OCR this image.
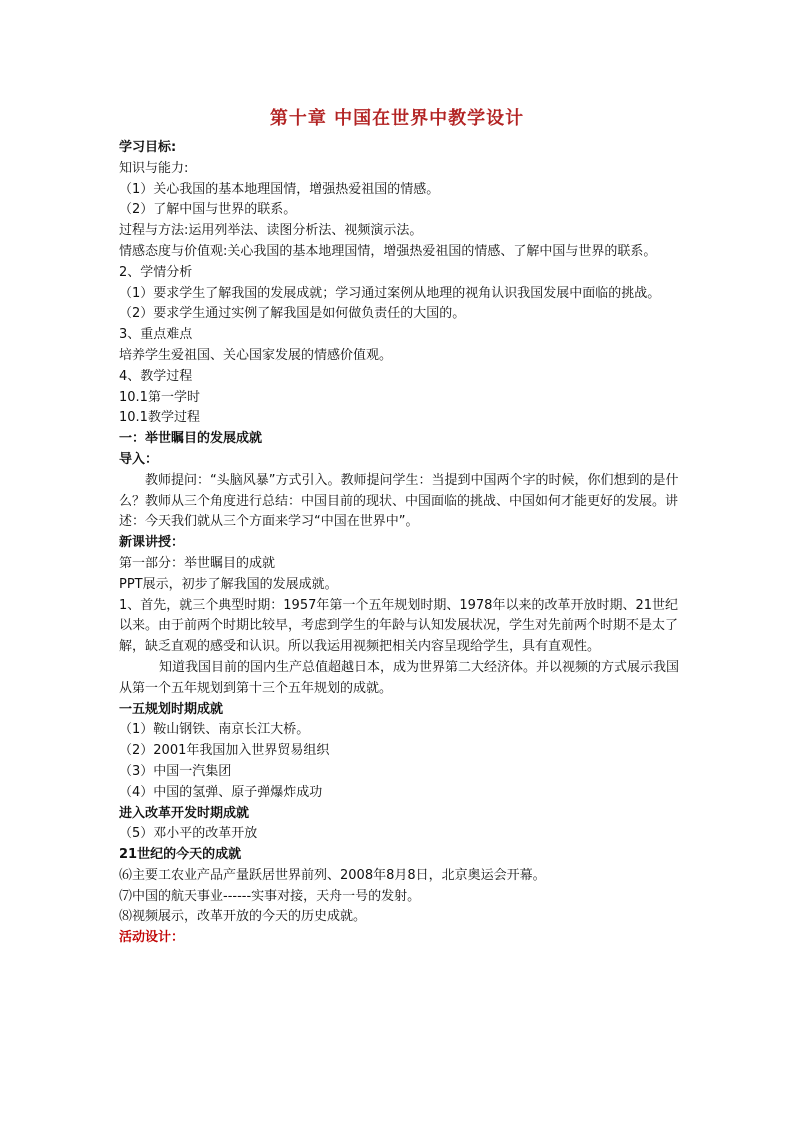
第十章 中国在世界中教学设计

学习目标:

知识与能力:

（1）关心我国的基本地理国情，增强热爱祖国的情感。

（2）了解中国与世界的联系。

过程与方法:运用列举法、读图分析法、视频演示法。

情感态度与价值观:关心我国的基本地理国情，增强热爱祖国的情感、了解中国与世界的联系。

2、学情分析

（1）要求学生了解我国的发展成就；学习通过案例从地理的视角认识我国发展中面临的挑战。

（2）要求学生通过实例了解我国是如何做负责任的大国的。

3、重点难点

培养学生爱祖国、关心国家发展的情感价值观。

4、教学过程

10.1第一学时

10.1教学过程

一：举世瞩目的发展成就

导入：

教师提问：“头脑风暴”方式引入。教师提问学生：当提到中国两个字的时候，你们想到的是什么？教师从三个角度进行总结：中国目前的现状、中国面临的挑战、中国如何才能更好的发展。讲述：今天我们就从三个方面来学习“中国在世界中”。

新课讲授：

第一部分：举世瞩目的成就

PPT展示，初步了解我国的发展成就。

1、首先，就三个典型时期：1957年第一个五年规划时期、1978年以来的改革开放时期、21世纪以来。由于前两个时期比较早，考虑到学生的年龄与认知发展状况，学生对先前两个时期不是太了解，缺乏直观的感受和认识。所以我运用视频把相关内容呈现给学生，具有直观性。

知道我国目前的国内生产总值超越日本，成为世界第二大经济体。并以视频的方式展示我国从第一个五年规划到第十三个五年规划的成就。

一五规划时期成就

（1）鞍山钢铁、南京长江大桥。

（2）2001年我国加入世界贸易组织

（3）中国一汽集团

（4）中国的氢弹、原子弹爆炸成功

进入改革开发时期成就

（5）邓小平的改革开放

21世纪的今天的成就

⑹主要工农业产品产量跃居世界前列、2008年8月8日，北京奥运会开幕。

⑺中国的航天事业------实事对接，天舟一号的发射。

⑻视频展示，改革开放的今天的历史成就。

活动设计：
